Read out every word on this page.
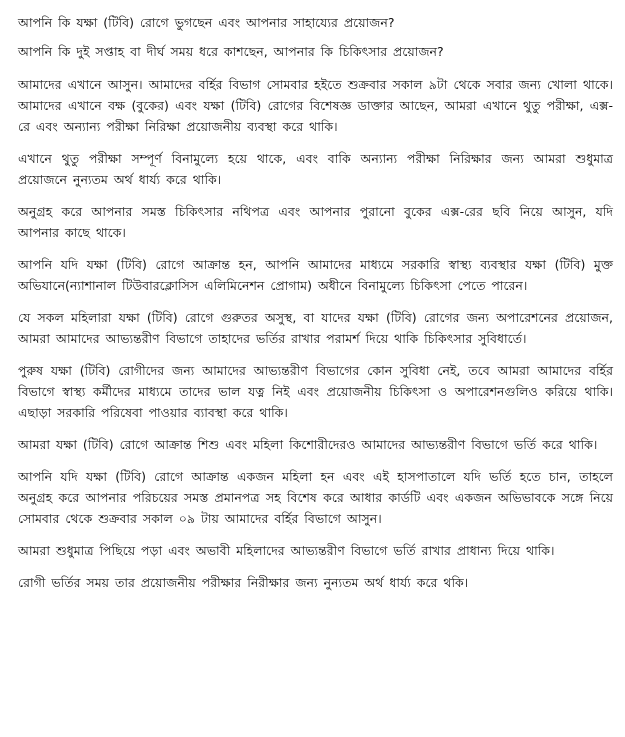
আপনি কি যক্ষা (টিবি) রোগে ভুগছেন এবং আপনার সাহায্যের প্রয়োজন?

আপনি কি দুই সপ্তাহ বা দীর্ঘ সময় ধরে কাশছেন, আপনার কি চিকিৎসার প্রয়োজন?

আমাদের এখানে আসুন। আমাদের বর্হির বিভাগ সোমবার হইতে শুক্রবার সকাল ৯টা থেকে সবার জন্য খোলা থাকে। আমাদের এখানে বক্ষ (বুকের) এবং যক্ষা (টিবি) রোগের বিশেষজ্ঞ ডাক্তার আছেন, আমরা এখানে থুতু পরীক্ষা, এক্স-রে এবং অন্যান্য পরীক্ষা নিরিক্ষা প্রয়োজনীয় ব্যবস্থা করে থাকি।

এখানে থুতু পরীক্ষা সম্পূর্ণ বিনামুল্যে হয়ে থাকে, এবং বাকি অন্যান্য পরীক্ষা নিরিক্ষার জন্য আমরা শুধুমাত্র প্রয়োজনে নুন্যতম অর্থ ধার্য্য করে থাকি।

অনুগ্রহ করে আপনার সমস্ত চিকিৎসার নথিপত্র এবং আপনার পুরানো বুকের এক্স-রের ছবি নিয়ে আসুন, যদি আপনার কাছে থাকে।

আপনি যদি যক্ষা (টিবি) রোগে আক্রান্ত হন, আপনি আমাদের মাধ্যমে সরকারি স্বাস্থ্য ব্যবস্থার যক্ষা (টিবি) মুক্ত অভিযানে(ন্যাশানাল টিউবারক্লোসিস এলিমিনেশন প্রোগাম) অধীনে বিনামুল্যে চিকিৎসা পেতে পারেন।

যে সকল মহিলারা যক্ষা (টিবি) রোগে গুরুতর অসুস্থ, বা যাদের যক্ষা (টিবি) রোগের জন্য অপারেশনের প্রয়োজন, আমরা আমাদের আভ্যন্তরীণ বিভাগে তাহাদের ভর্তির রাখার পরামর্শ দিয়ে থাকি চিকিৎসার সুবিধার্তে।

পুরুষ যক্ষা (টিবি) রোগীদের জন্য আমাদের আভ্যন্তরীণ বিভাগের কোন সুবিধা নেই, তবে আমরা আমাদের বর্হির বিভাগে স্বাস্থ্য কর্মীদের মাধ্যমে তাদের ভাল যত্ন নিই এবং প্রয়োজনীয় চিকিৎসা ও অপারেশনগুলিও করিয়ে থাকি। এছাড়া সরকারি পরিষেবা পাওয়ার ব্যাবস্থা করে থাকি।

আমরা যক্ষা (টিবি) রোগে আক্রান্ত শিশু এবং মহিলা কিশোরীদেরও আমাদের আভ্যন্তরীণ বিভাগে ভর্তি করে থাকি।

আপনি যদি যক্ষা (টিবি) রোগে আক্রান্ত একজন মহিলা হন এবং এই হাসপাতালে যদি ভর্তি হতে চান, তাহলে অনুগ্রহ করে আপনার পরিচয়ের সমস্ত প্রমানপত্র সহ বিশেষ করে আধার কার্ডটি এবং একজন অভিভাবকে সঙ্গে নিয়ে সোমবার থেকে শুক্রবার সকাল ০৯ টায় আমাদের বর্হির বিভাগে আসুন।

আমরা শুধুমাত্র পিছিয়ে পড়া এবং অভাবী মহিলাদের আভ্যন্তরীণ বিভাগে ভর্তি রাখার প্রাধান্য দিয়ে থাকি।

রোগী ভর্তির সময় তার প্রয়োজনীয় পরীক্ষার নিরীক্ষার জন্য নুন্যতম অর্থ ধার্য্য করে থকি।
